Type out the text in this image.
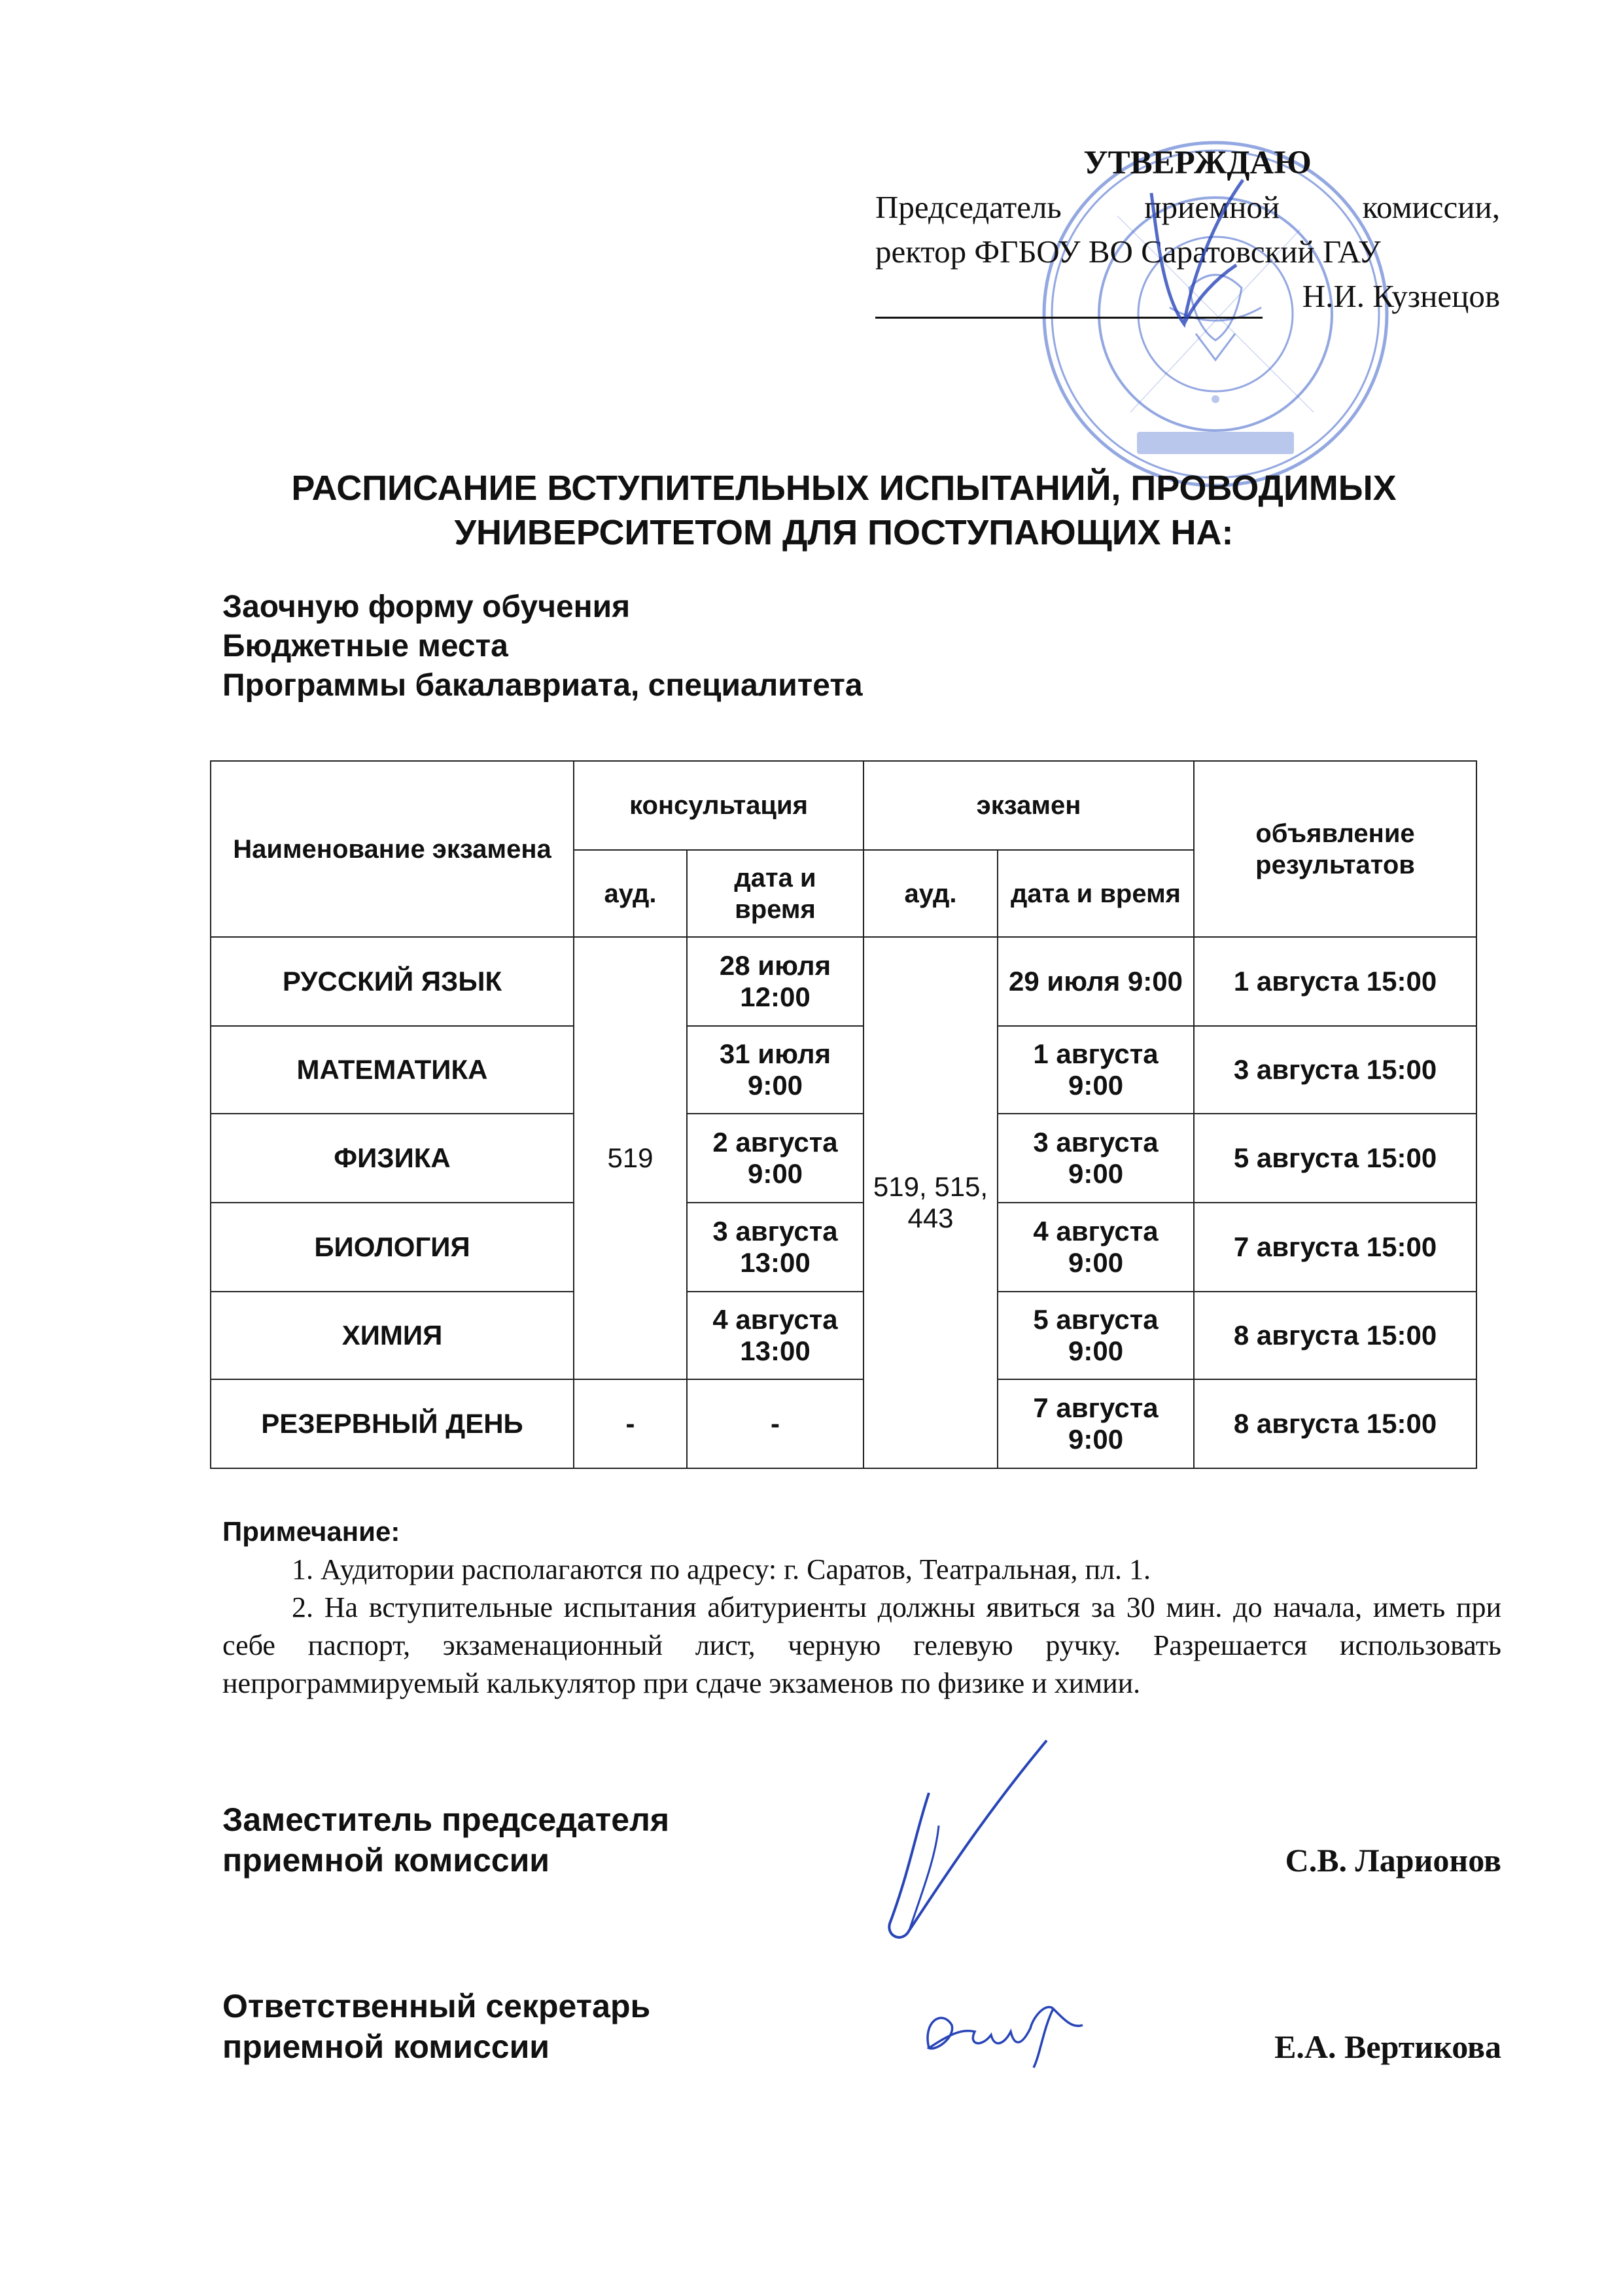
УТВЕРЖДАЮ
Председатель приемной комиссии,
ректор ФГБОУ ВО Саратовский ГАУ
Н.И. Кузнецов
РАСПИСАНИЕ ВСТУПИТЕЛЬНЫХ ИСПЫТАНИЙ, ПРОВОДИМЫХ
УНИВЕРСИТЕТОМ ДЛЯ ПОСТУПАЮЩИХ НА:
Заочную форму обучения
Бюджетные места
Программы бакалавриата, специалитета
Наименование экзамена	консультация		экзамен		объявление результатов
	ауд.	дата и время	ауд.	дата и время	
РУССКИЙ ЯЗЫК	519	28 июля 12:00	519, 515, 443	29 июля 9:00	1 августа 15:00
МАТЕМАТИКА		31 июля 9:00		1 августа 9:00	3 августа 15:00
ФИЗИКА		2 августа 9:00		3 августа 9:00	5 августа 15:00
БИОЛОГИЯ		3 августа 13:00		4 августа 9:00	7 августа 15:00
ХИМИЯ		4 августа 13:00		5 августа 9:00	8 августа 15:00
РЕЗЕРВНЫЙ ДЕНЬ	-	-		7 августа 9:00	8 августа 15:00
Примечание:
1. Аудитории располагаются по адресу: г. Саратов, Театральная, пл. 1.
2. На вступительные испытания абитуриенты должны явиться за 30 мин. до начала, иметь при себе паспорт, экзаменационный лист, черную гелевую ручку. Разрешается использовать непрограммируемый калькулятор при сдаче экзаменов по физике и химии.
Заместитель председателя
приемной комиссии	С.В. Ларионов
Ответственный секретарь
приемной комиссии	Е.А. Вертикова
